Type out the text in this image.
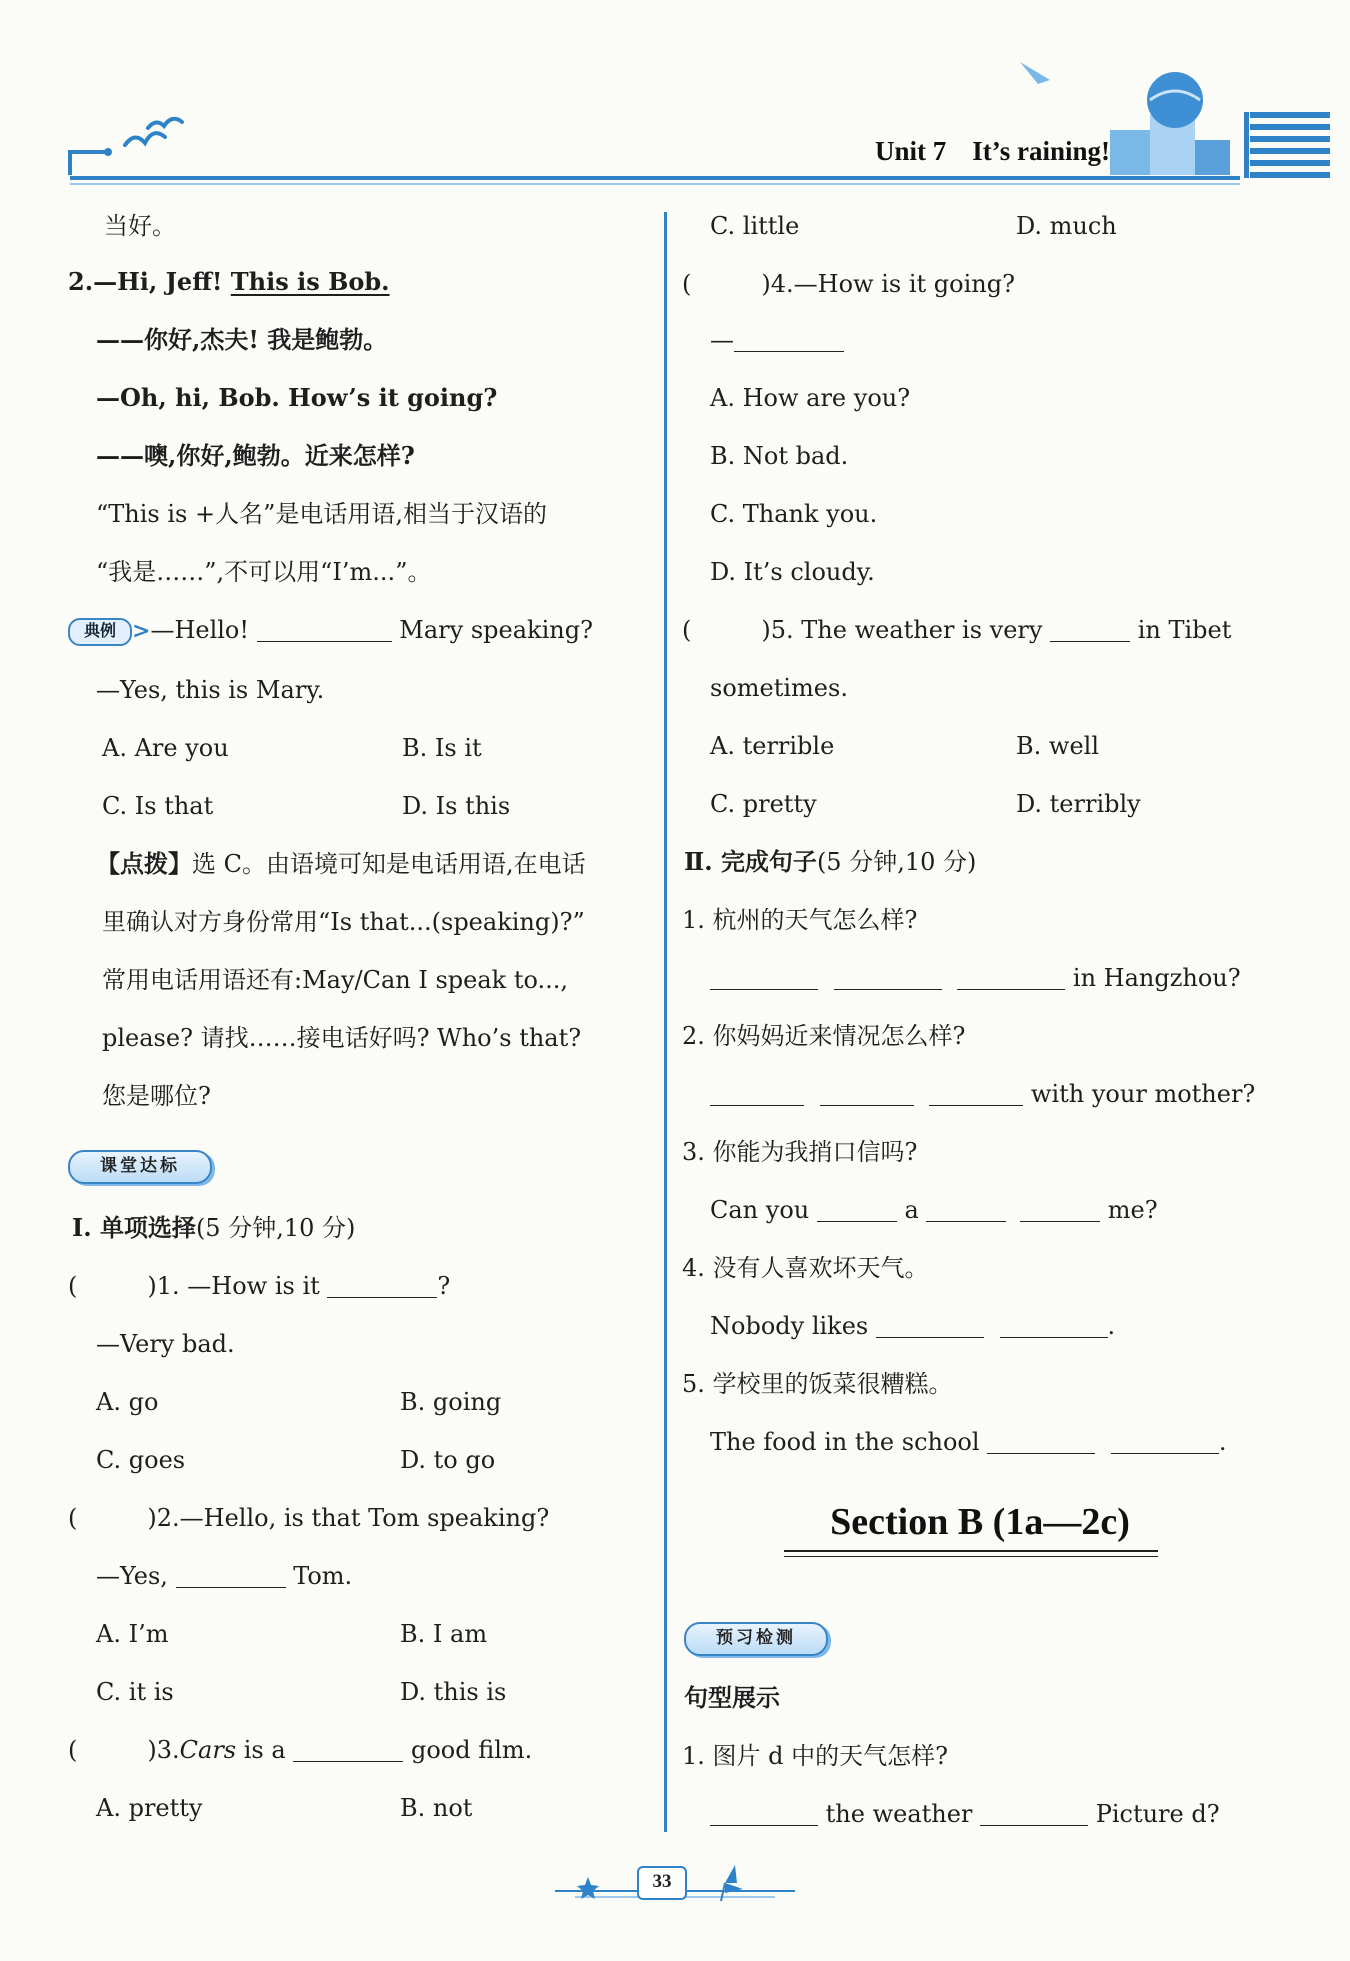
Unit 7 It’s raining!
当好。
2.—Hi, Jeff! This is Bob.
——你好,杰夫! 我是鲍勃。
—Oh, hi, Bob. How’s it going?
——噢,你好,鲍勃。近来怎样?
“This is +人名”是电话用语,相当于汉语的
“我是……”,不可以用“I’m...”。
典例 >—Hello!	Mary speaking?
—Yes, this is Mary.
A. Are you	B. Is it
C. Is that	D. Is this
【点拨】选 C。由语境可知是电话用语,在电话
里确认对方身份常用“Is that...(speaking)?”
常用电话用语还有:May/Can I speak to...,
please? 请找……接电话好吗? Who’s that?
您是哪位?
课堂达标
Ⅰ. 单项选择(5 分钟,10 分)
(	)1. —How is it	?
—Very bad.
A. go	B. going
C. goes	D. to go
(	)2.—Hello, is that Tom speaking?
—Yes,	Tom.
A. I’m	B. I am
C. it is	D. this is
(	)3.Cars is a	good film.
A. pretty	B. not
C. little	D. much
(	)4.—How is it going?
—
A. How are you?
B. Not bad.
C. Thank you.
D. It’s cloudy.
(	)5. The weather is very	in Tibet
sometimes.
A. terrible	B. well
C. pretty	D. terribly
Ⅱ. 完成句子(5 分钟,10 分)
1. 杭州的天气怎么样?
in Hangzhou?
2. 你妈妈近来情况怎么样?
with your mother?
3. 你能为我捎口信吗?
Can you	a	me?
4. 没有人喜欢坏天气。
Nobody likes	.
5. 学校里的饭菜很糟糕。
The food in the school	.
预习检测
句型展示
1. 图片 d 中的天气怎样?
the weather	Picture d?
Section B (1a—2c)
33
